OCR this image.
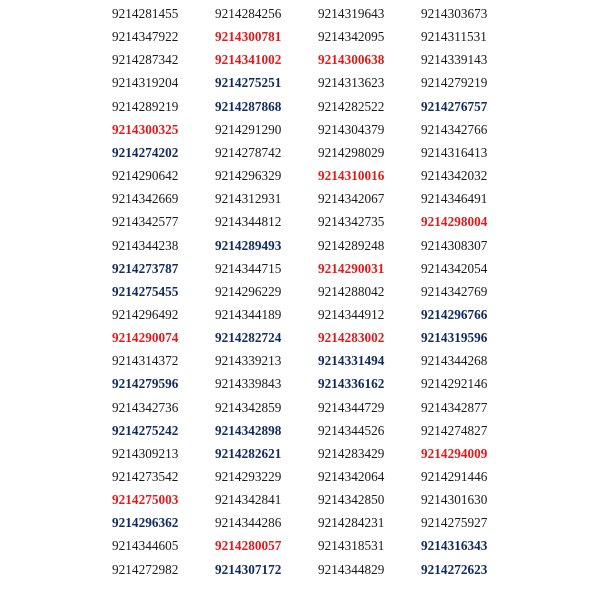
9214281455
9214347922
9214287342
9214319204
9214289219
9214300325
9214274202
9214290642
9214342669
9214342577
9214344238
9214273787
9214275455
9214296492
9214290074
9214314372
9214279596
9214342736
9214275242
9214309213
9214273542
9214275003
9214296362
9214344605
9214272982
9214284256
9214300781
9214341002
9214275251
9214287868
9214291290
9214278742
9214296329
9214312931
9214344812
9214289493
9214344715
9214296229
9214344189
9214282724
9214339213
9214339843
9214342859
9214342898
9214282621
9214293229
9214342841
9214344286
9214280057
9214307172
9214319643
9214342095
9214300638
9214313623
9214282522
9214304379
9214298029
9214310016
9214342067
9214342735
9214289248
9214290031
9214288042
9214344912
9214283002
9214331494
9214336162
9214344729
9214344526
9214283429
9214342064
9214342850
9214284231
9214318531
9214344829
9214303673
9214311531
9214339143
9214279219
9214276757
9214342766
9214316413
9214342032
9214346491
9214298004
9214308307
9214342054
9214342769
9214296766
9214319596
9214344268
9214292146
9214342877
9214274827
9214294009
9214291446
9214301630
9214275927
9214316343
9214272623
